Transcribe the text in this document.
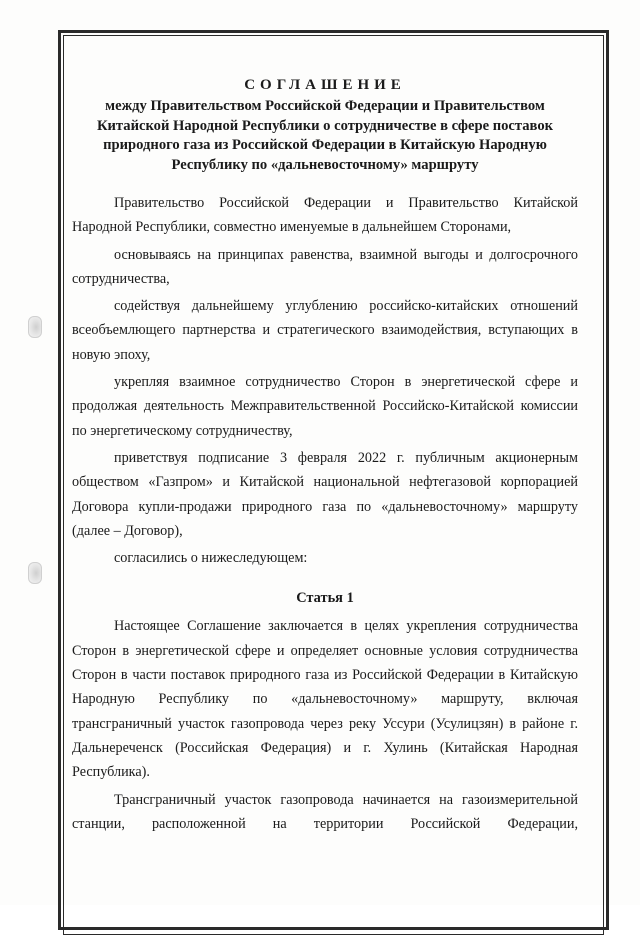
СОГЛАШЕНИЕ
между Правительством Российской Федерации и Правительством Китайской Народной Республики о сотрудничестве в сфере поставок природного газа из Российской Федерации в Китайскую Народную Республику по «дальневосточному» маршруту

Правительство Российской Федерации и Правительство Китайской Народной Республики, совместно именуемые в дальнейшем Сторонами,

основываясь на принципах равенства, взаимной выгоды и долгосрочного сотрудничества,

содействуя дальнейшему углублению российско-китайских отношений всеобъемлющего партнерства и стратегического взаимодействия, вступающих в новую эпоху,

укрепляя взаимное сотрудничество Сторон в энергетической сфере и продолжая деятельность Межправительственной Российско-Китайской комиссии по энергетическому сотрудничеству,

приветствуя подписание 3 февраля 2022 г. публичным акционерным обществом «Газпром» и Китайской национальной нефтегазовой корпорацией Договора купли-продажи природного газа по «дальневосточному» маршруту (далее – Договор),

согласились о нижеследующем:

Статья 1

Настоящее Соглашение заключается в целях укрепления сотрудничества Сторон в энергетической сфере и определяет основные условия сотрудничества Сторон в части поставок природного газа из Российской Федерации в Китайскую Народную Республику по «дальневосточному» маршруту, включая трансграничный участок газопровода через реку Уссури (Усулицзян) в районе г. Дальнереченск (Российская Федерация) и г. Хулинь (Китайская Народная Республика).

Трансграничный участок газопровода начинается на газоизмерительной

станции, расположенной на территории Российской Федерации,
